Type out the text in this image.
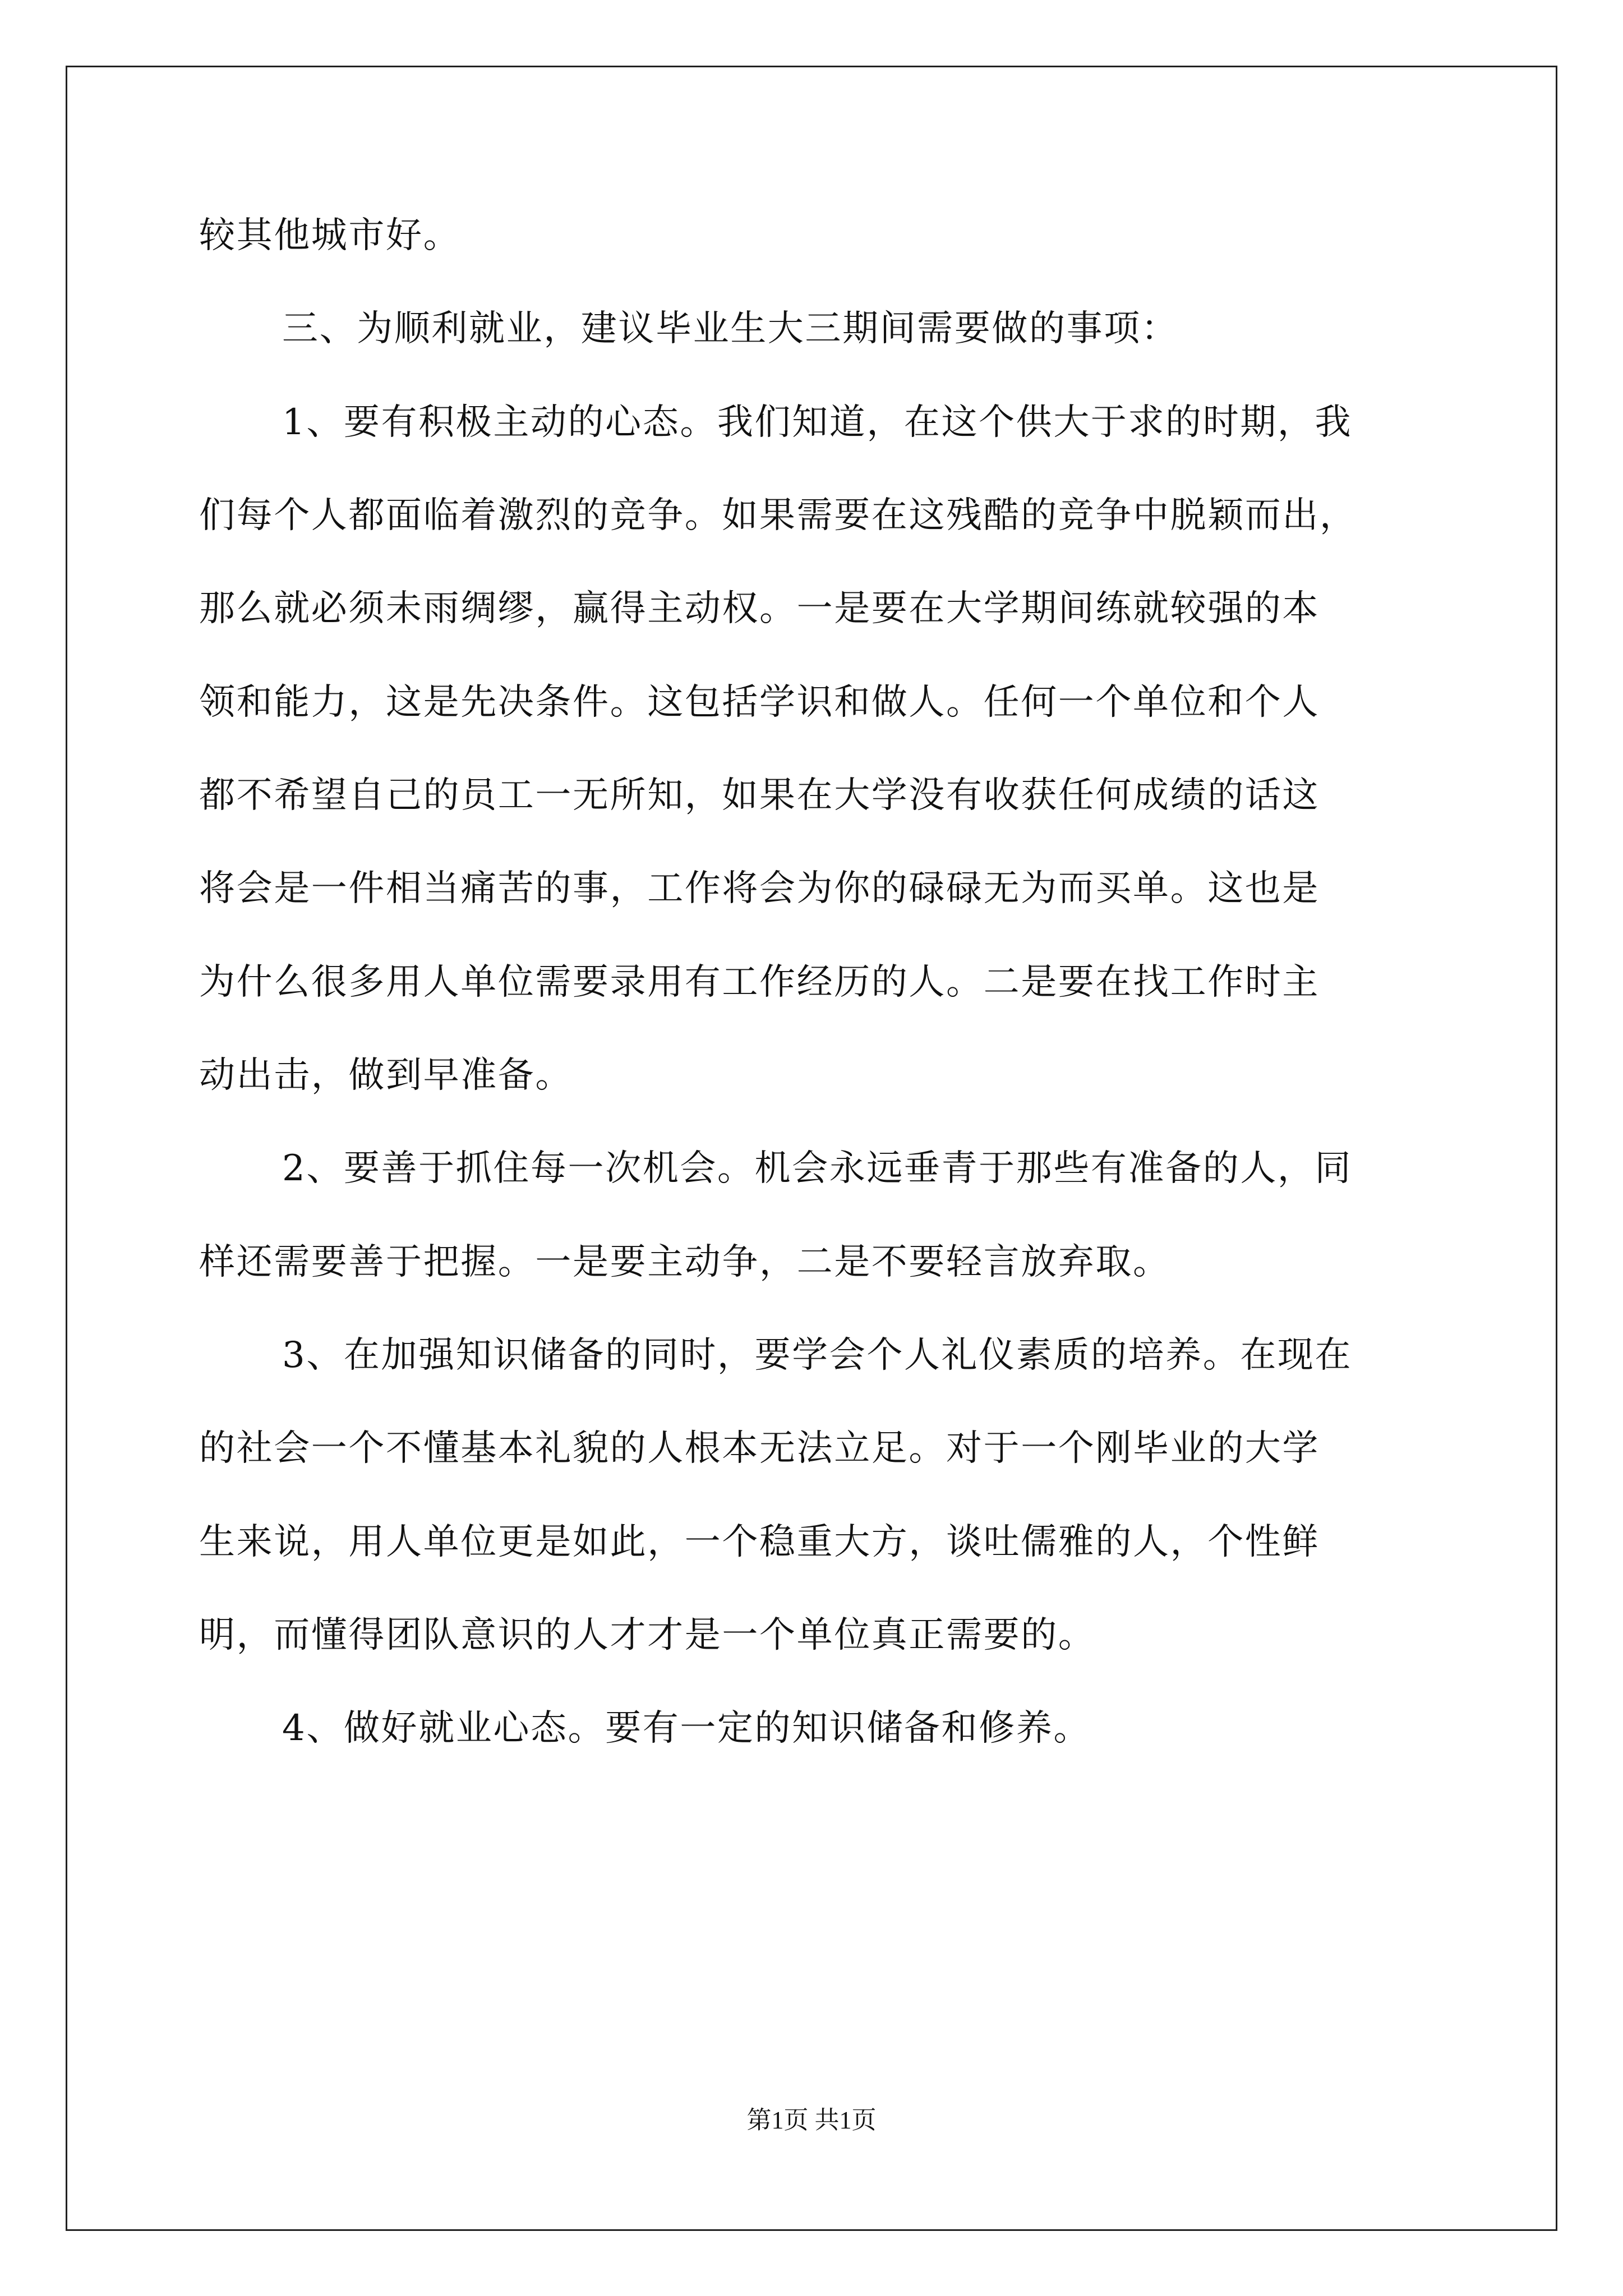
较其他城市好。
三、为顺利就业，建议毕业生大三期间需要做的事项：
1、要有积极主动的心态。我们知道，在这个供大于求的时期，我
们每个人都面临着激烈的竞争。如果需要在这残酷的竞争中脱颖而出，
那么就必须未雨绸缪，赢得主动权。一是要在大学期间练就较强的本
领和能力，这是先决条件。这包括学识和做人。任何一个单位和个人
都不希望自己的员工一无所知，如果在大学没有收获任何成绩的话这
将会是一件相当痛苦的事，工作将会为你的碌碌无为而买单。这也是
为什么很多用人单位需要录用有工作经历的人。二是要在找工作时主
动出击，做到早准备。
2、要善于抓住每一次机会。机会永远垂青于那些有准备的人，同
样还需要善于把握。一是要主动争，二是不要轻言放弃取。
3、在加强知识储备的同时，要学会个人礼仪素质的培养。在现在
的社会一个不懂基本礼貌的人根本无法立足。对于一个刚毕业的大学
生来说，用人单位更是如此，一个稳重大方，谈吐儒雅的人，个性鲜
明，而懂得团队意识的人才才是一个单位真正需要的。
4、做好就业心态。要有一定的知识储备和修养。
第1页 共1页
